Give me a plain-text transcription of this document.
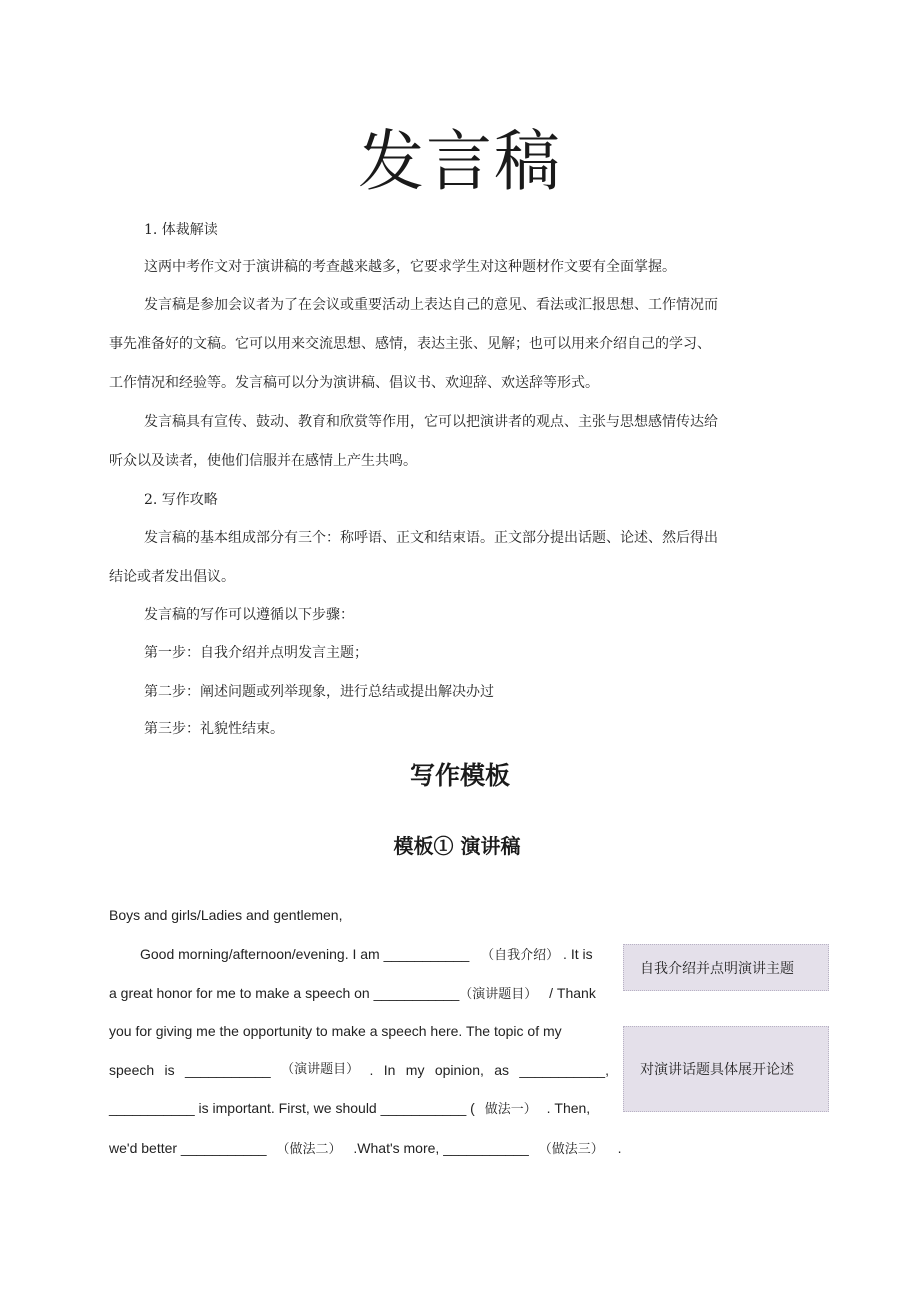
发言稿

1. 体裁解读

这两中考作文对于演讲稿的考查越来越多，它要求学生对这种题材作文要有全面掌握。

发言稿是参加会议者为了在会议或重要活动上表达自己的意见、看法或汇报思想、工作情况而

事先准备好的文稿。它可以用来交流思想、感情，表达主张、见解；也可以用来介绍自己的学习、

工作情况和经验等。发言稿可以分为演讲稿、倡议书、欢迎辞、欢送辞等形式。

发言稿具有宣传、鼓动、教育和欣赏等作用，它可以把演讲者的观点、主张与思想感情传达给

听众以及读者，使他们信服并在感情上产生共鸣。

2. 写作攻略

发言稿的基本组成部分有三个：称呼语、正文和结束语。正文部分提出话题、论述、然后得出

结论或者发出倡议。

发言稿的写作可以遵循以下步骤：

第一步：自我介绍并点明发言主题；

第二步：阐述问题或列举现象，进行总结或提出解决办过

第三步：礼貌性结束。

写作模板
模板① 演讲稿

Boys and girls/Ladies and gentlemen,

Good morning/afternoon/evening. I am ___________ （自我介绍） . It is

a great honor for me to make a speech on ___________（演讲题目） / Thank

you for giving me the opportunity to make a speech here. The topic of my

speech is ___________ （演讲题目） . In my opinion, as ___________,

___________ is important. First, we should ___________ ( 做法一） . Then,

we'd better ___________ （做法二） .What's more, ___________ （做法三） .

自我介绍并点明演讲主题
对演讲话题具体展开论述
